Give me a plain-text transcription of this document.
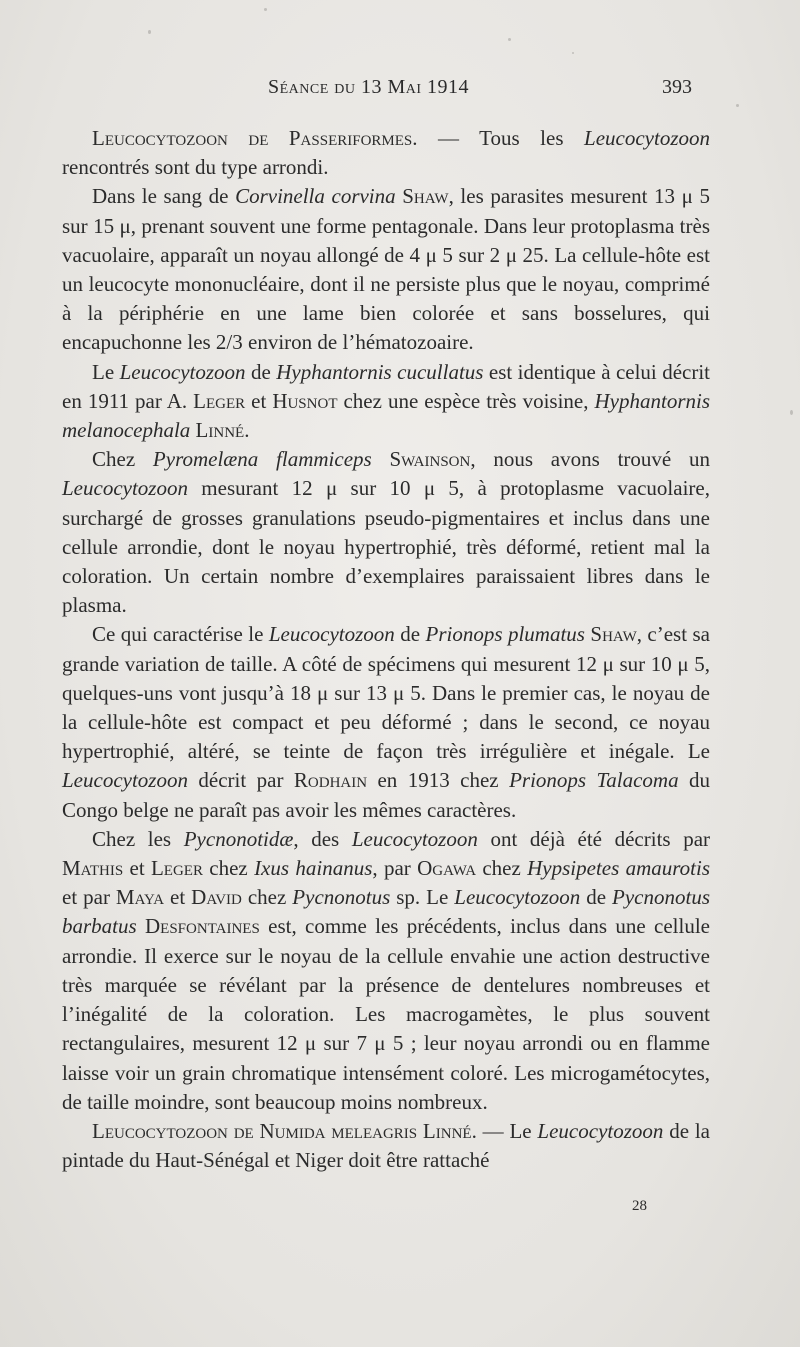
Séance du 13 Mai 1914	393

Leucocytozoon de Passeriformes. — Tous les Leucocytozoon rencontrés sont du type arrondi.

Dans le sang de Corvinella corvina Shaw, les parasites mesurent 13 μ 5 sur 15 μ, prenant souvent une forme pentagonale. Dans leur protoplasma très vacuolaire, apparaît un noyau allongé de 4 μ 5 sur 2 μ 25. La cellule-hôte est un leucocyte mononucléaire, dont il ne persiste plus que le noyau, comprimé à la périphérie en une lame bien colorée et sans bosselures, qui encapuchonne les 2/3 environ de l’hématozoaire.

Le Leucocytozoon de Hyphantornis cucullatus est identique à celui décrit en 1911 par A. Leger et Husnot chez une espèce très voisine, Hyphantornis melanocephala Linné.

Chez Pyromelæna flammiceps Swainson, nous avons trouvé un Leucocytozoon mesurant 12 μ sur 10 μ 5, à protoplasme vacuolaire, surchargé de grosses granulations pseudo-pigmentaires et inclus dans une cellule arrondie, dont le noyau hypertrophié, très déformé, retient mal la coloration. Un certain nombre d’exemplaires paraissaient libres dans le plasma.

Ce qui caractérise le Leucocytozoon de Prionops plumatus Shaw, c’est sa grande variation de taille. A côté de spécimens qui mesurent 12 μ sur 10 μ 5, quelques-uns vont jusqu’à 18 μ sur 13 μ 5. Dans le premier cas, le noyau de la cellule-hôte est compact et peu déformé ; dans le second, ce noyau hypertrophié, altéré, se teinte de façon très irrégulière et inégale. Le Leucocytozoon décrit par Rodhain en 1913 chez Prionops Talacoma du Congo belge ne paraît pas avoir les mêmes caractères.

Chez les Pycnonotidæ, des Leucocytozoon ont déjà été décrits par Mathis et Leger chez Ixus hainanus, par Ogawa chez Hypsipetes amaurotis et par Maya et David chez Pycnonotus sp. Le Leucocytozoon de Pycnonotus barbatus Desfontaines est, comme les précédents, inclus dans une cellule arrondie. Il exerce sur le noyau de la cellule envahie une action destructive très marquée se révélant par la présence de dentelures nombreuses et l’inégalité de la coloration. Les macrogamètes, le plus souvent rectangulaires, mesurent 12 μ sur 7 μ 5 ; leur noyau arrondi ou en flamme laisse voir un grain chromatique intensément coloré. Les microgamétocytes, de taille moindre, sont beaucoup moins nombreux.

Leucocytozoon de Numida meleagris Linné. — Le Leucocytozoon de la pintade du Haut-Sénégal et Niger doit être rattaché

28
